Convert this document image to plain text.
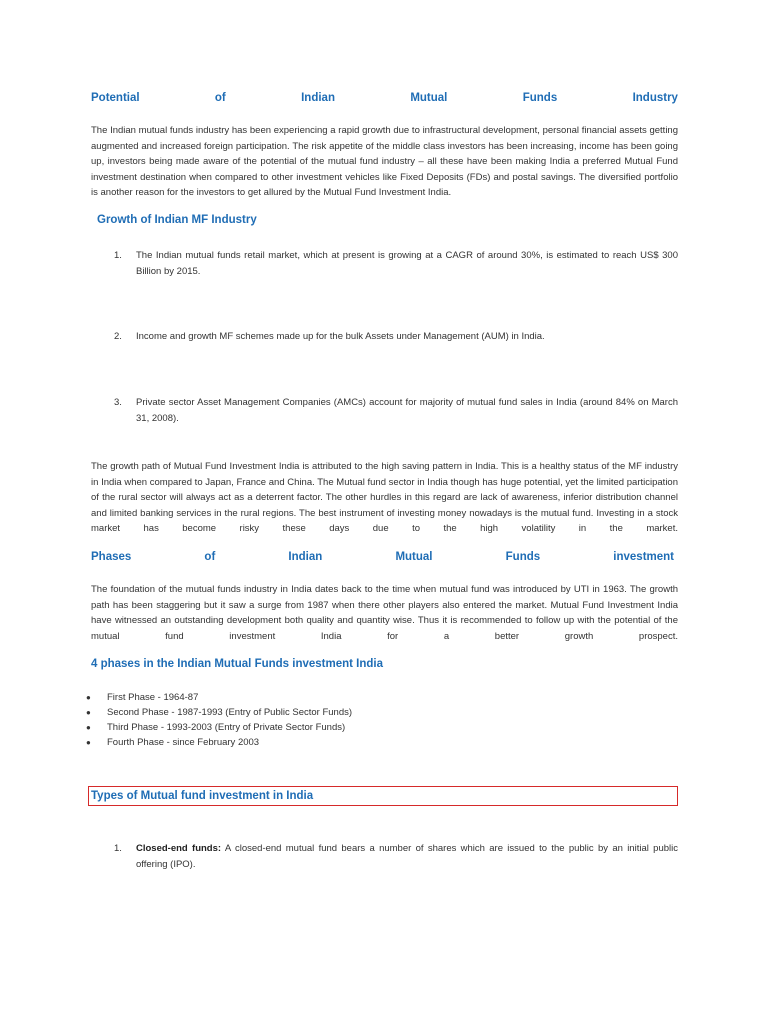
Potential	of	Indian	Mutual	Funds	Industry
The Indian mutual funds industry has been experiencing a rapid growth due to infrastructural development, personal financial assets getting augmented and increased foreign participation. The risk appetite of the middle class investors has been increasing, income has been going up, investors being made aware of the potential of the mutual fund industry – all these have been making India a preferred Mutual Fund investment destination when compared to other investment vehicles like Fixed Deposits (FDs) and postal savings. The diversified portfolio is another reason for the investors to get allured by the Mutual Fund Investment India.
Growth of Indian MF Industry
1.	The Indian mutual funds retail market, which at present is growing at a CAGR of around 30%, is estimated to reach US$ 300 Billion by 2015.
2.	Income and growth MF schemes made up for the bulk Assets under Management (AUM) in India.
3.	Private sector Asset Management Companies (AMCs) account for majority of mutual fund sales in India (around 84% on March 31, 2008).
The growth path of Mutual Fund Investment India is attributed to the high saving pattern in India. This is a healthy status of the MF industry in India when compared to Japan, France and China. The Mutual fund sector in India though has huge potential, yet the limited participation of the rural sector will always act as a deterrent factor. The other hurdles in this regard are lack of awareness, inferior distribution channel and limited banking services in the rural regions. The best instrument of investing money nowadays is the mutual fund. Investing in a stock market has become risky these days due to the high volatility in the market.
Phases	of	Indian	Mutual	Funds	investment
The foundation of the mutual funds industry in India dates back to the time when mutual fund was introduced by UTI in 1963. The growth path has been staggering but it saw a surge from 1987 when there other players also entered the market. Mutual Fund Investment India have witnessed an outstanding development both quality and quantity wise. Thus it is recommended to follow up with the potential of the mutual fund investment India for a better growth prospect.
4 phases in the Indian Mutual Funds investment India
●	First Phase - 1964-87
●	Second Phase - 1987-1993 (Entry of Public Sector Funds)
●	Third Phase - 1993-2003 (Entry of Private Sector Funds)
●	Fourth Phase - since February 2003
Types of Mutual fund investment in India
1.	Closed-end funds: A closed-end mutual fund bears a number of shares which are issued to the public by an initial public offering (IPO).
